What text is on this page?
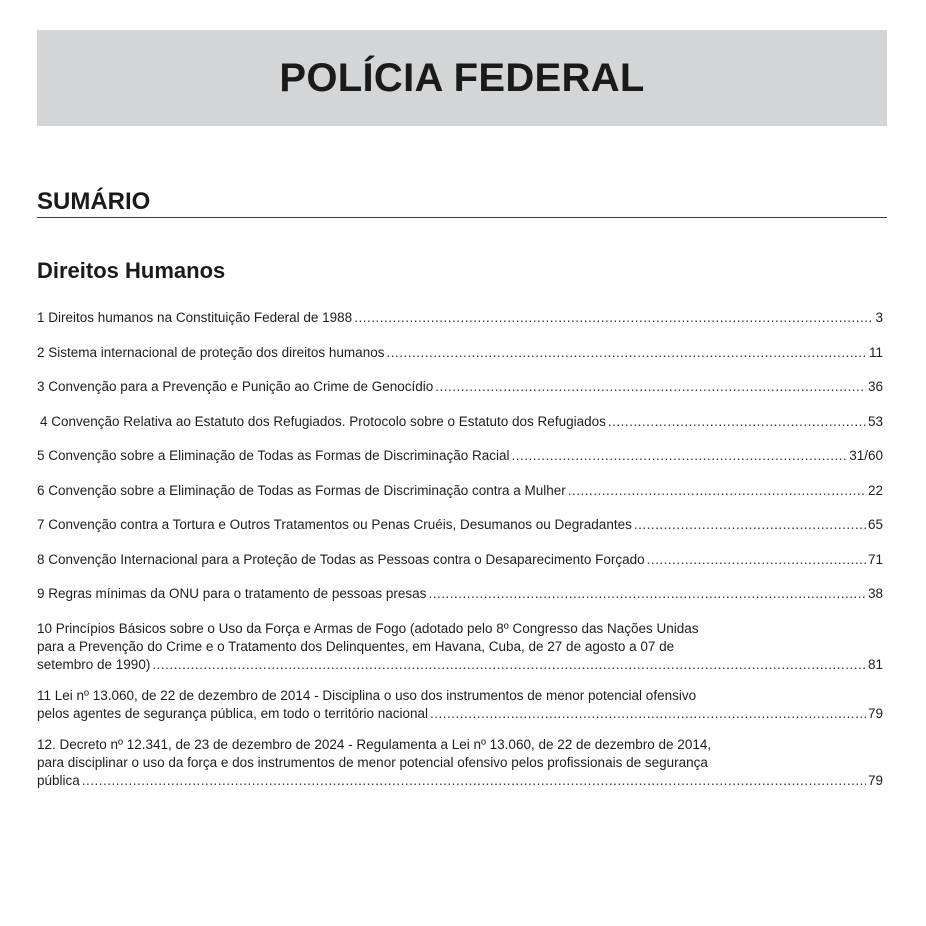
POLÍCIA FEDERAL
SUMÁRIO
Direitos Humanos
1 Direitos humanos na Constituição Federal de 1988 .....	3
2 Sistema internacional de proteção dos direitos humanos .....	11
3 Convenção para a Prevenção e Punição ao Crime de Genocídio .....	36
4 Convenção Relativa ao Estatuto dos Refugiados. Protocolo sobre o Estatuto dos Refugiados .....	53
5 Convenção sobre a Eliminação de Todas as Formas de Discriminação Racial .....	31/60
6 Convenção sobre a Eliminação de Todas as Formas de Discriminação contra a Mulher .....	22
7 Convenção contra a Tortura e Outros Tratamentos ou Penas Cruéis, Desumanos ou Degradantes .....	65
8 Convenção Internacional para a Proteção de Todas as Pessoas contra o Desaparecimento Forçado .....	71
9 Regras mínimas da ONU para o tratamento de pessoas presas .....	38
10 Princípios Básicos sobre o Uso da Força e Armas de Fogo (adotado pelo 8º Congresso das Nações Unidas
para a Prevenção do Crime e o Tratamento dos Delinquentes, em Havana, Cuba, de 27 de agosto a 07 de
setembro de 1990) .....	81
11 Lei nº 13.060, de 22 de dezembro de 2014 - Disciplina o uso dos instrumentos de menor potencial ofensivo
pelos agentes de segurança pública, em todo o território nacional .....	79
12. Decreto nº 12.341, de 23 de dezembro de 2024 - Regulamenta a Lei nº 13.060, de 22 de dezembro de 2014,
para disciplinar o uso da força e dos instrumentos de menor potencial ofensivo pelos profissionais de segurança
pública .....	79
